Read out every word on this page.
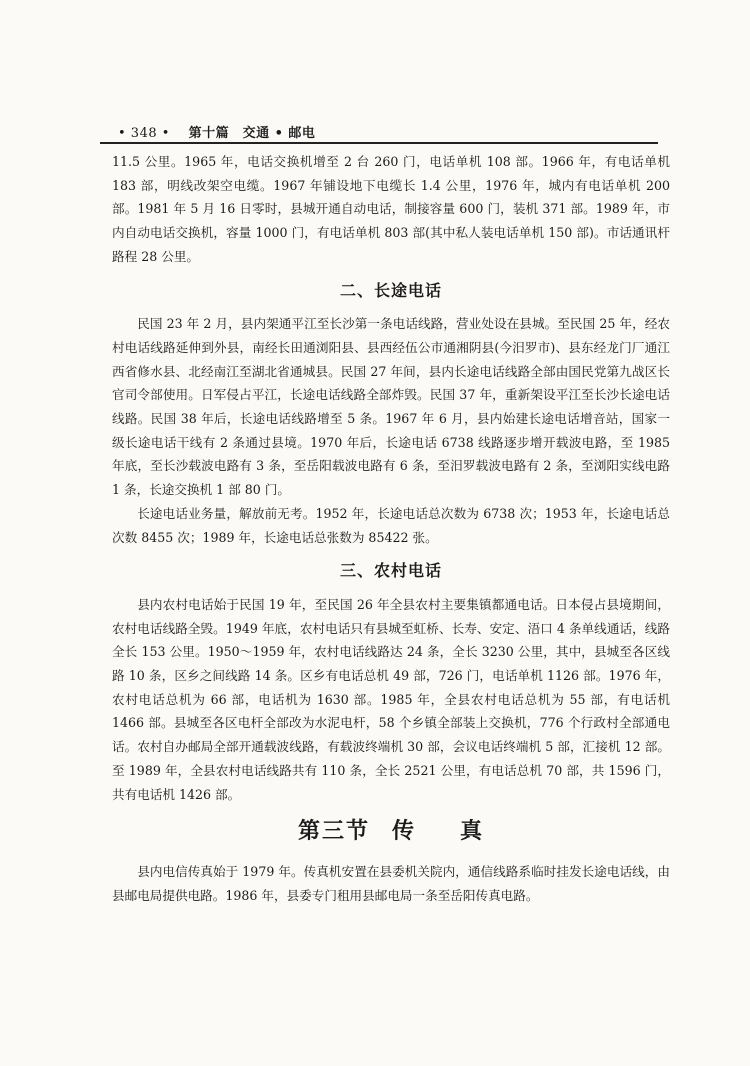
• 348 • 第十篇　交通 • 邮电

11.5 公里。1965 年，电话交换机增至 2 台 260 门，电话单机 108 部。1966 年，有电话单机 183 部，明线改架空电缆。1967 年铺设地下电缆长 1.4 公里，1976 年，城内有电话单机 200 部。1981 年 5 月 16 日零时，县城开通自动电话，制接容量 600 门，装机 371 部。1989 年，市内自动电话交换机，容量 1000 门，有电话单机 803 部(其中私人装电话单机 150 部)。市话通讯杆路程 28 公里。

二、长途电话

民国 23 年 2 月，县内架通平江至长沙第一条电话线路，营业处设在县城。至民国 25 年，经农村电话线路延伸到外县，南经长田通浏阳县、县西经伍公市通湘阴县(今汨罗市)、县东经龙门厂通江西省修水县、北经南江至湖北省通城县。民国 27 年间，县内长途电话线路全部由国民党第九战区长官司令部使用。日军侵占平江，长途电话线路全部炸毁。民国 37 年，重新架设平江至长沙长途电话线路。民国 38 年后，长途电话线路增至 5 条。1967 年 6 月，县内始建长途电话增音站，国家一级长途电话干线有 2 条通过县境。1970 年后，长途电话 6738 线路逐步增开载波电路，至 1985 年底，至长沙载波电路有 3 条，至岳阳载波电路有 6 条，至汨罗载波电路有 2 条，至浏阳实线电路 1 条，长途交换机 1 部 80 门。

长途电话业务量，解放前无考。1952 年，长途电话总次数为 6738 次；1953 年，长途电话总次数 8455 次；1989 年，长途电话总张数为 85422 张。

三、农村电话

县内农村电话始于民国 19 年，至民国 26 年全县农村主要集镇都通电话。日本侵占县境期间，农村电话线路全毁。1949 年底，农村电话只有县城至虹桥、长寿、安定、浯口 4 条单线通话，线路全长 153 公里。1950～1959 年，农村电话线路达 24 条，全长 3230 公里，其中，县城至各区线路 10 条，区乡之间线路 14 条。区乡有电话总机 49 部，726 门，电话单机 1126 部。1976 年，农村电话总机为 66 部，电话机为 1630 部。1985 年，全县农村电话总机为 55 部，有电话机 1466 部。县城至各区电杆全部改为水泥电杆，58 个乡镇全部装上交换机，776 个行政村全部通电话。农村自办邮局全部开通载波线路，有载波终端机 30 部，会议电话终端机 5 部，汇接机 12 部。至 1989 年，全县农村电话线路共有 110 条，全长 2521 公里，有电话总机 70 部，共 1596 门，共有电话机 1426 部。

第三节 传 真

县内电信传真始于 1979 年。传真机安置在县委机关院内，通信线路系临时挂发长途电话线，由县邮电局提供电路。1986 年，县委专门租用县邮电局一条至岳阳传真电路。
